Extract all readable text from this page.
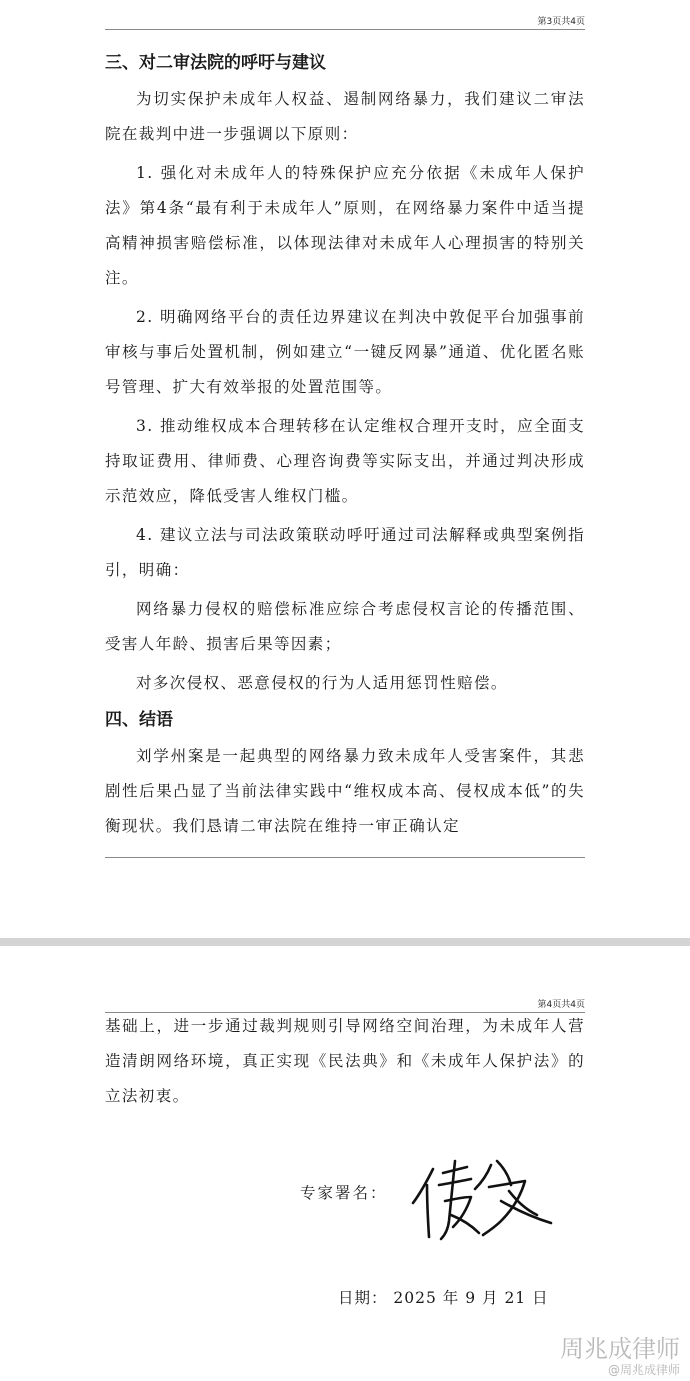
第3页共4页
三、对二审法院的呼吁与建议

为切实保护未成年人权益、遏制网络暴力，我们建议二审法院在裁判中进一步强调以下原则：

1. 强化对未成年人的特殊保护应充分依据《未成年人保护法》第4条“最有利于未成年人”原则，在网络暴力案件中适当提高精神损害赔偿标准，以体现法律对未成年人心理损害的特别关注。

2. 明确网络平台的责任边界建议在判决中敦促平台加强事前审核与事后处置机制，例如建立“一键反网暴”通道、优化匿名账号管理、扩大有效举报的处置范围等。

3. 推动维权成本合理转移在认定维权合理开支时，应全面支持取证费用、律师费、心理咨询费等实际支出，并通过判决形成示范效应，降低受害人维权门槛。

4. 建议立法与司法政策联动呼吁通过司法解释或典型案例指引，明确：

网络暴力侵权的赔偿标准应综合考虑侵权言论的传播范围、受害人年龄、损害后果等因素；

对多次侵权、恶意侵权的行为人适用惩罚性赔偿。

四、结语

刘学州案是一起典型的网络暴力致未成年人受害案件，其悲剧性后果凸显了当前法律实践中“维权成本高、侵权成本低”的失衡现状。我们恳请二审法院在维持一审正确认定

第4页共4页

基础上，进一步通过裁判规则引导网络空间治理，为未成年人营造清朗网络环境，真正实现《民法典》和《未成年人保护法》的立法初衷。

专家署名：
日期： 2025 年 9 月 21 日
周兆成律师
@周兆成律师
